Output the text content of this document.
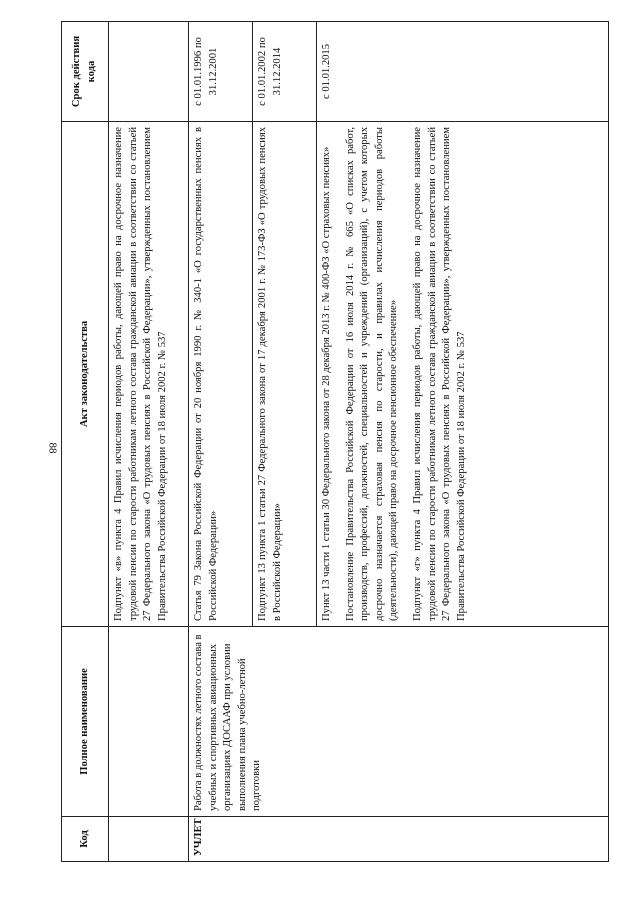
88
Код	Полное наименование	Акт законодательства	Срок действия кода

		Подпункт «в» пункта 4 Правил исчисления периодов работы, дающей право на досрочное назначение трудовой пенсии по старости работникам летного состава гражданской авиации в соответствии со статьей 27 Федерального закона «О трудовых пенсиях в Российской Федерации», утвержденных постановлением Правительства Российской Федерации от 18 июля 2002 г. № 537	

УЧЛЕТ	Работа в должностях летного состава в учебных и спортивных авиационных организациях ДОСААФ при условии выполнения плана учебно-летной подготовки	Статья 79 Закона Российской Федерации от 20 ноября 1990 г. № 340-1 «О государственных пенсиях в Российской Федерации»	с 01.01.1996 по 31.12.2001

		Подпункт 13 пункта 1 статьи 27 Федерального закона от 17 декабря 2001 г. № 173-ФЗ «О трудовых пенсиях в Российской Федерации»	с 01.01.2002 по 31.12.2014

		Пункт 13 части 1 статьи 30 Федерального закона от 28 декабря 2013 г. № 400-ФЗ «О страховых пенсиях» Постановление Правительства Российской Федерации от 16 июля 2014 г. № 665 «О списках работ, производств, профессий, должностей, специальностей и учреждений (организаций), с учетом которых досрочно назначается страховая пенсия по старости, и правилах исчисления периодов работы (деятельности), дающей право на досрочное пенсионное обеспечение» Подпункт «г» пункта 4 Правил исчисления периодов работы, дающей право на досрочное назначение трудовой пенсии по старости работникам летного состава гражданской авиации в соответствии со статьей 27 Федерального закона «О трудовых пенсиях в Российской Федерации», утвержденных постановлением Правительства Российской Федерации от 18 июля 2002 г. № 537	с 01.01.2015
